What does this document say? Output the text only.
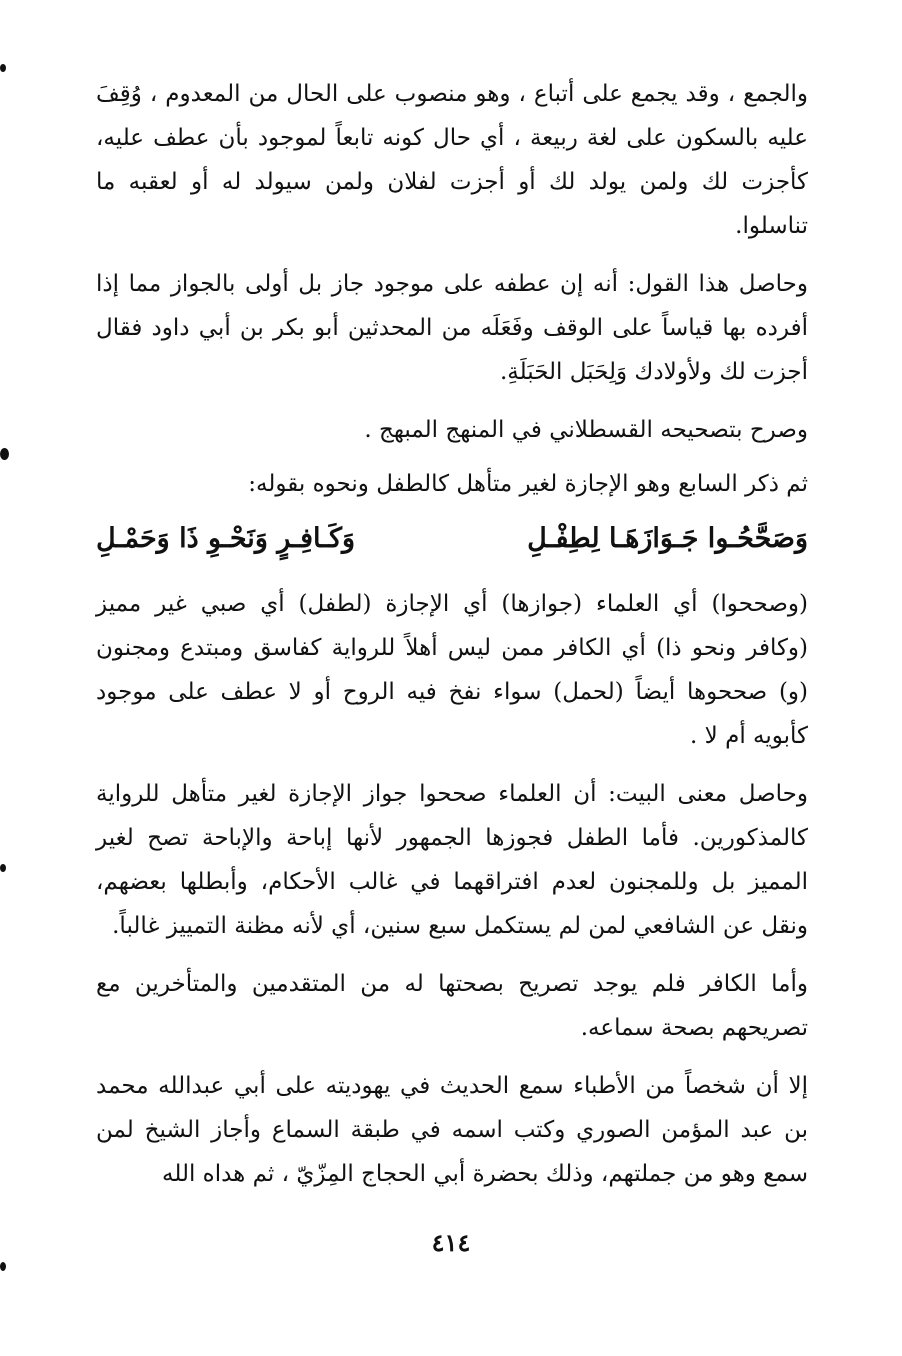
والجمع ، وقد يجمع على أتباع ، وهو منصوب على الحال من المعدوم ، وُقِفَ عليه بالسكون على لغة ربيعة ، أي حال كونه تابعاً لموجود بأن عطف عليه، كأجزت لك ولمن يولد لك أو أجزت لفلان ولمن سيولد له أو لعقبه ما تناسلوا.

وحاصل هذا القول: أنه إن عطفه على موجود جاز بل أولى بالجواز مما إذا أفرده بها قياساً على الوقف وفَعَلَه من المحدثين أبو بكر بن أبي داود فقال أجزت لك ولأولادك وَلِحَبَل الحَبَلَةِ.

وصرح بتصحيحه القسطلاني في المنهج المبهج .

ثم ذكر السابع وهو الإجازة لغير متأهل كالطفل ونحوه بقوله:

وَصَحَّحُـوا جَـوَازَهَـا لِطِفْـلِ
وَكَـافِـرٍ وَنَحْـوِ ذَا وَحَمْـلِ

(وصححوا) أي العلماء (جوازها) أي الإجازة (لطفل) أي صبي غير مميز (وكافر ونحو ذا) أي الكافر ممن ليس أهلاً للرواية كفاسق ومبتدع ومجنون (و) صححوها أيضاً (لحمل) سواء نفخ فيه الروح أو لا عطف على موجود كأبويه أم لا .

وحاصل معنى البيت: أن العلماء صححوا جواز الإجازة لغير متأهل للرواية كالمذكورين. فأما الطفل فجوزها الجمهور لأنها إباحة والإباحة تصح لغير المميز بل وللمجنون لعدم افتراقهما في غالب الأحكام، وأبطلها بعضهم، ونقل عن الشافعي لمن لم يستكمل سبع سنين، أي لأنه مظنة التمييز غالباً.

وأما الكافر فلم يوجد تصريح بصحتها له من المتقدمين والمتأخرين مع تصريحهم بصحة سماعه.

إلا أن شخصاً من الأطباء سمع الحديث في يهوديته على أبي عبدالله محمد بن عبد المؤمن الصوري وكتب اسمه في طبقة السماع وأجاز الشيخ لمن سمع وهو من جملتهم، وذلك بحضرة أبي الحجاج المِزّيّ ، ثم هداه الله

٤١٤
